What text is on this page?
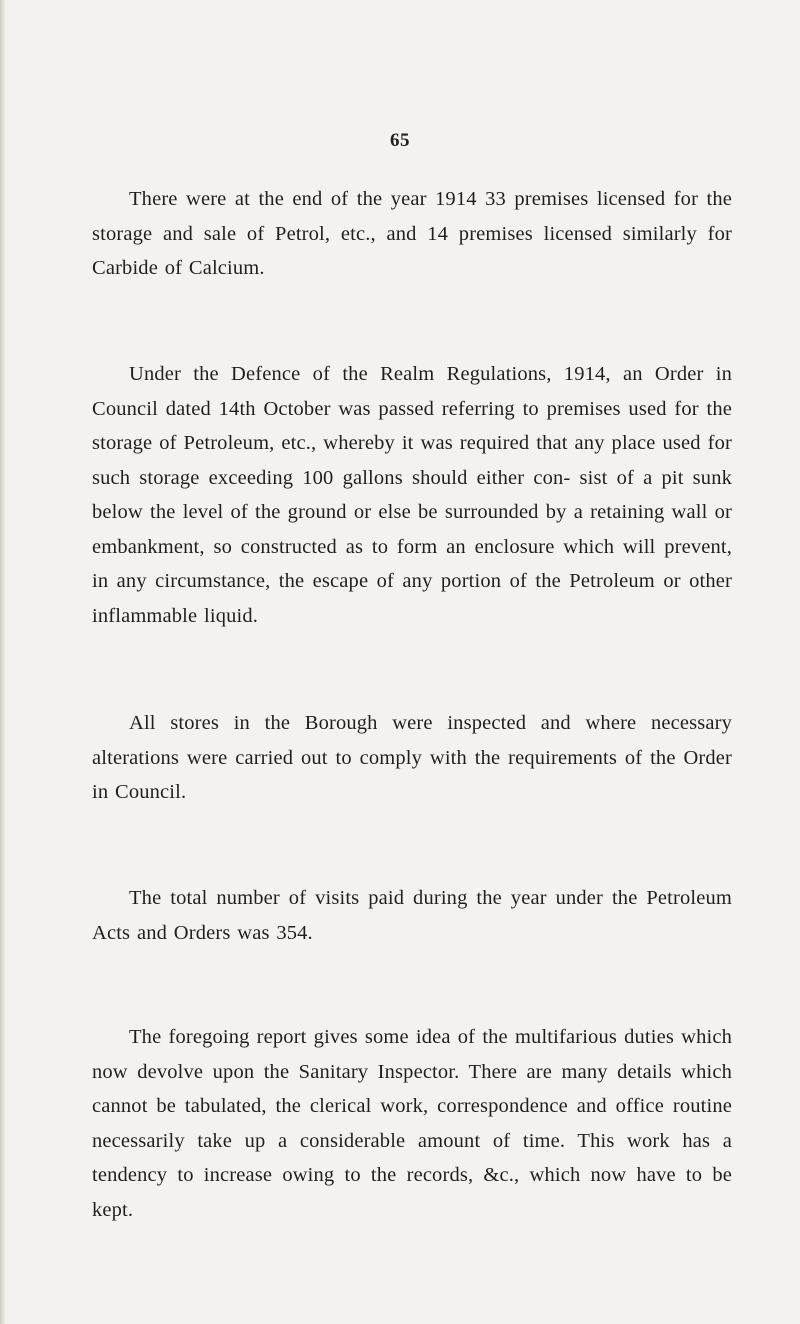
65

There were at the end of the year 1914 33 premises licensed for the storage and sale of Petrol, etc., and 14 premises licensed similarly for Carbide of Calcium.

Under the Defence of the Realm Regulations, 1914, an Order in Council dated 14th October was passed referring to premises used for the storage of Petroleum, etc., whereby it was required that any place used for such storage exceeding 100 gallons should either con- sist of a pit sunk below the level of the ground or else be surrounded by a retaining wall or embankment, so constructed as to form an enclosure which will prevent, in any circumstance, the escape of any portion of the Petroleum or other inflammable liquid.

All stores in the Borough were inspected and where necessary alterations were carried out to comply with the requirements of the Order in Council.

The total number of visits paid during the year under the Petroleum Acts and Orders was 354.

The foregoing report gives some idea of the multifarious duties which now devolve upon the Sanitary Inspector. There are many details which cannot be tabulated, the clerical work, correspondence and office routine necessarily take up a considerable amount of time. This work has a tendency to increase owing to the records, &c., which now have to be kept.
